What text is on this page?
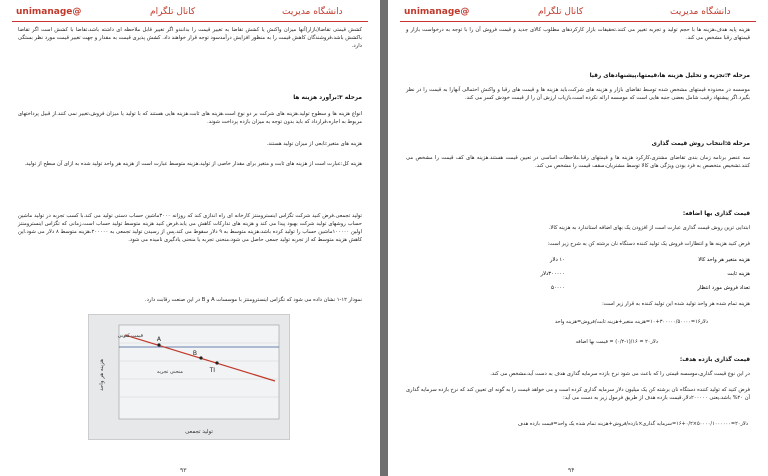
@unimanage	کانال تلگرام	دانشگاه مدیریت
کشش قیمتی تقاضا(بازار)آنها میزان واکنش یا کشش تقاضا به تغییر قیمت را بدانندو اگر تغییر قابل ملاحظه ای داشته باشد،تقاضا با کشش است اگر تقاضا باکشش باشد،فروشندگان کاهش قیمت را به منظور افزایش درآمدسود توجه قرار خواهند داد. کشش پذیری قیمت به مقدار و جهت تغییر قیمت مورد نظر بستگی دارد.
مرحله ۳:برآورد هزینه ها
انواع هزینه ها و سطوح تولید.هزینه های شرکت بر دو نوع است.هزینه های ثابت.هزینه هایی هستند که با تولید یا میزان فروش،تغییر نمی کنند.از قبیل پرداختهای مربوط به اجاره،قرارداد که باید بدون توجه به میزان بازده پرداخت شوند.
هزینه های متغیر:تابعی از میزان تولید هستند.
هزینه کل:عبارت است از هزینه های ثابت و متغیر برای مقدار خاصی از تولید.هزینه متوسط عبارت است از هزینه هر واحد تولید شده به ازای آن سطح از تولید.
تولید تجمعی.فرض کنید شرکت تگزاس اینسترومنتز کارخانه ای راه اندازی کند که روزانه ۳۰۰۰ماشین حساب دستی تولید می کند.با کسب تجربه در تولید ماشین حساب روشهای تولید شرکت بهبود پیدا می کند و هزینه های تدارکات کاهش می یابد.فرض کنید هزینه متوسط تولید حساب است.زمانی که تگزاس اینسترومنتز اولین ۱۰۰۰۰۰ماشین حساب را تولید کرده باشد،هزینه متوسط به ۹ دلار سقوط می کند.پس از رسیدن تولید تجمعی به ۲۰۰۰۰۰،هزینه متوسط ۸ دلار می شود.این کاهش هزینه متوسط که از تجربه تولید جمعی حاصل می شود،منحنی تجربه یا منحنی یادگیری نامیده می شود.
نمودار ۱۲-۱ نشان داده می شود که تگزاس اینسترومنتز با موسسات A و B در این صنعت رقابت دارد.
A
B
TI
قیمت کنونی
منحنی تجربه
هزینه هر واحد
تولید تجمعی
۹۳
@unimanage	کانال تلگرام	دانشگاه مدیریت
هزینه پایه هدف،هزینه ها با حجم تولید و تجربه تغییر می کنند.تحقیقات بازار کارکردهای مطلوب کالای جدید و قیمت فروش آن را با توجه به درخواست بازار و قیمتهای رقبا مشخص می کند.
مرحله ۴:تجزیه و تحلیل هزینه ها،قیمتها،پیشنهادهای رقبا
موسسه در محدوده قیمتهای مشخص شده توسط تقاضای بازار و هزینه های شرکت،باید هزینه ها و قیمت های رقبا و واکنش احتمالی آنهارا به قیمت را در نظر بگیرد.اگر پیشنهاد رقیب شامل بعضی جنبه هایی است که موسسه ارائه نکرده است،بازیاب ارزش آن را از قیمت خودش کسر می کند.
مرحله ۵:انتخاب روش قیمت گذاری
سه عنصر برنامه زمان بندی تقاضای مشتری،کارکرد هزینه ها و قیمتهای رقبا.ملاحظات اساسی در تعیین قیمت هستند.هزینه های کف قیمت را مشخص می کنند.تشخیص متخصص به فرد بودن ویژگی های کالا توسط مشتریان،سقف قیمت را مشخص می کند.
قیمت گذاری بها اضافه:
ابتدایی ترین روش قیمت گذاری عبارت است از افزودن یک بهای اضافه استاندارد به هزینه کالا.
فرض کنید هزینه ها و انتظارات فروش یک تولید کننده دستگاه نان برشته کن به شرح زیر است:
هزینه متغیر هر واحد کالا
۱۰ دلار
هزینه ثابت
۳۰۰۰۰۰دلار
تعداد فروش مورد انتظار
۵۰۰۰۰
هزینه تمام شده هر واحد تولید شده این تولید کننده به قرار زیر است:
دلار۱۶=۳۰۰۰۰۰/۵۰۰۰۰+۱۰=هزینه متغیر+هزینه ثابت/فروش=هزینه واحد
دلار۲۰ = ۱۶/(۱-۰/۲) = قیمت بها اضافه
قیمت گذاری بازده هدف:
در این نوع قیمت گذاری،موسسه قیمتی را که باعث می شود نرخ بازده سرمایه گذاری هدف به دست آید،مشخص می کند.
فرض کنید که تولید کننده دستگاه نان برشته کن یک میلیون دلار سرمایه گذاری کرده است و می خواهد قیمت را به گونه ای تعیین کند که نرخ بازده سرمایه گذاری آن ۲۰% باشد،یعنی ۲۰۰۰۰۰دلار.قیمت بازده هدف از طریق فرمول زیر به دست می آید:
دلار۲۰=۵۰۰۰۰/۱۰۰۰۰۰۰×۰/۲+۱۶=سرمایه گذاری×بازده/فروش+هزینه تمام شده یک واحد=قیمت بازده هدف
۹۴
